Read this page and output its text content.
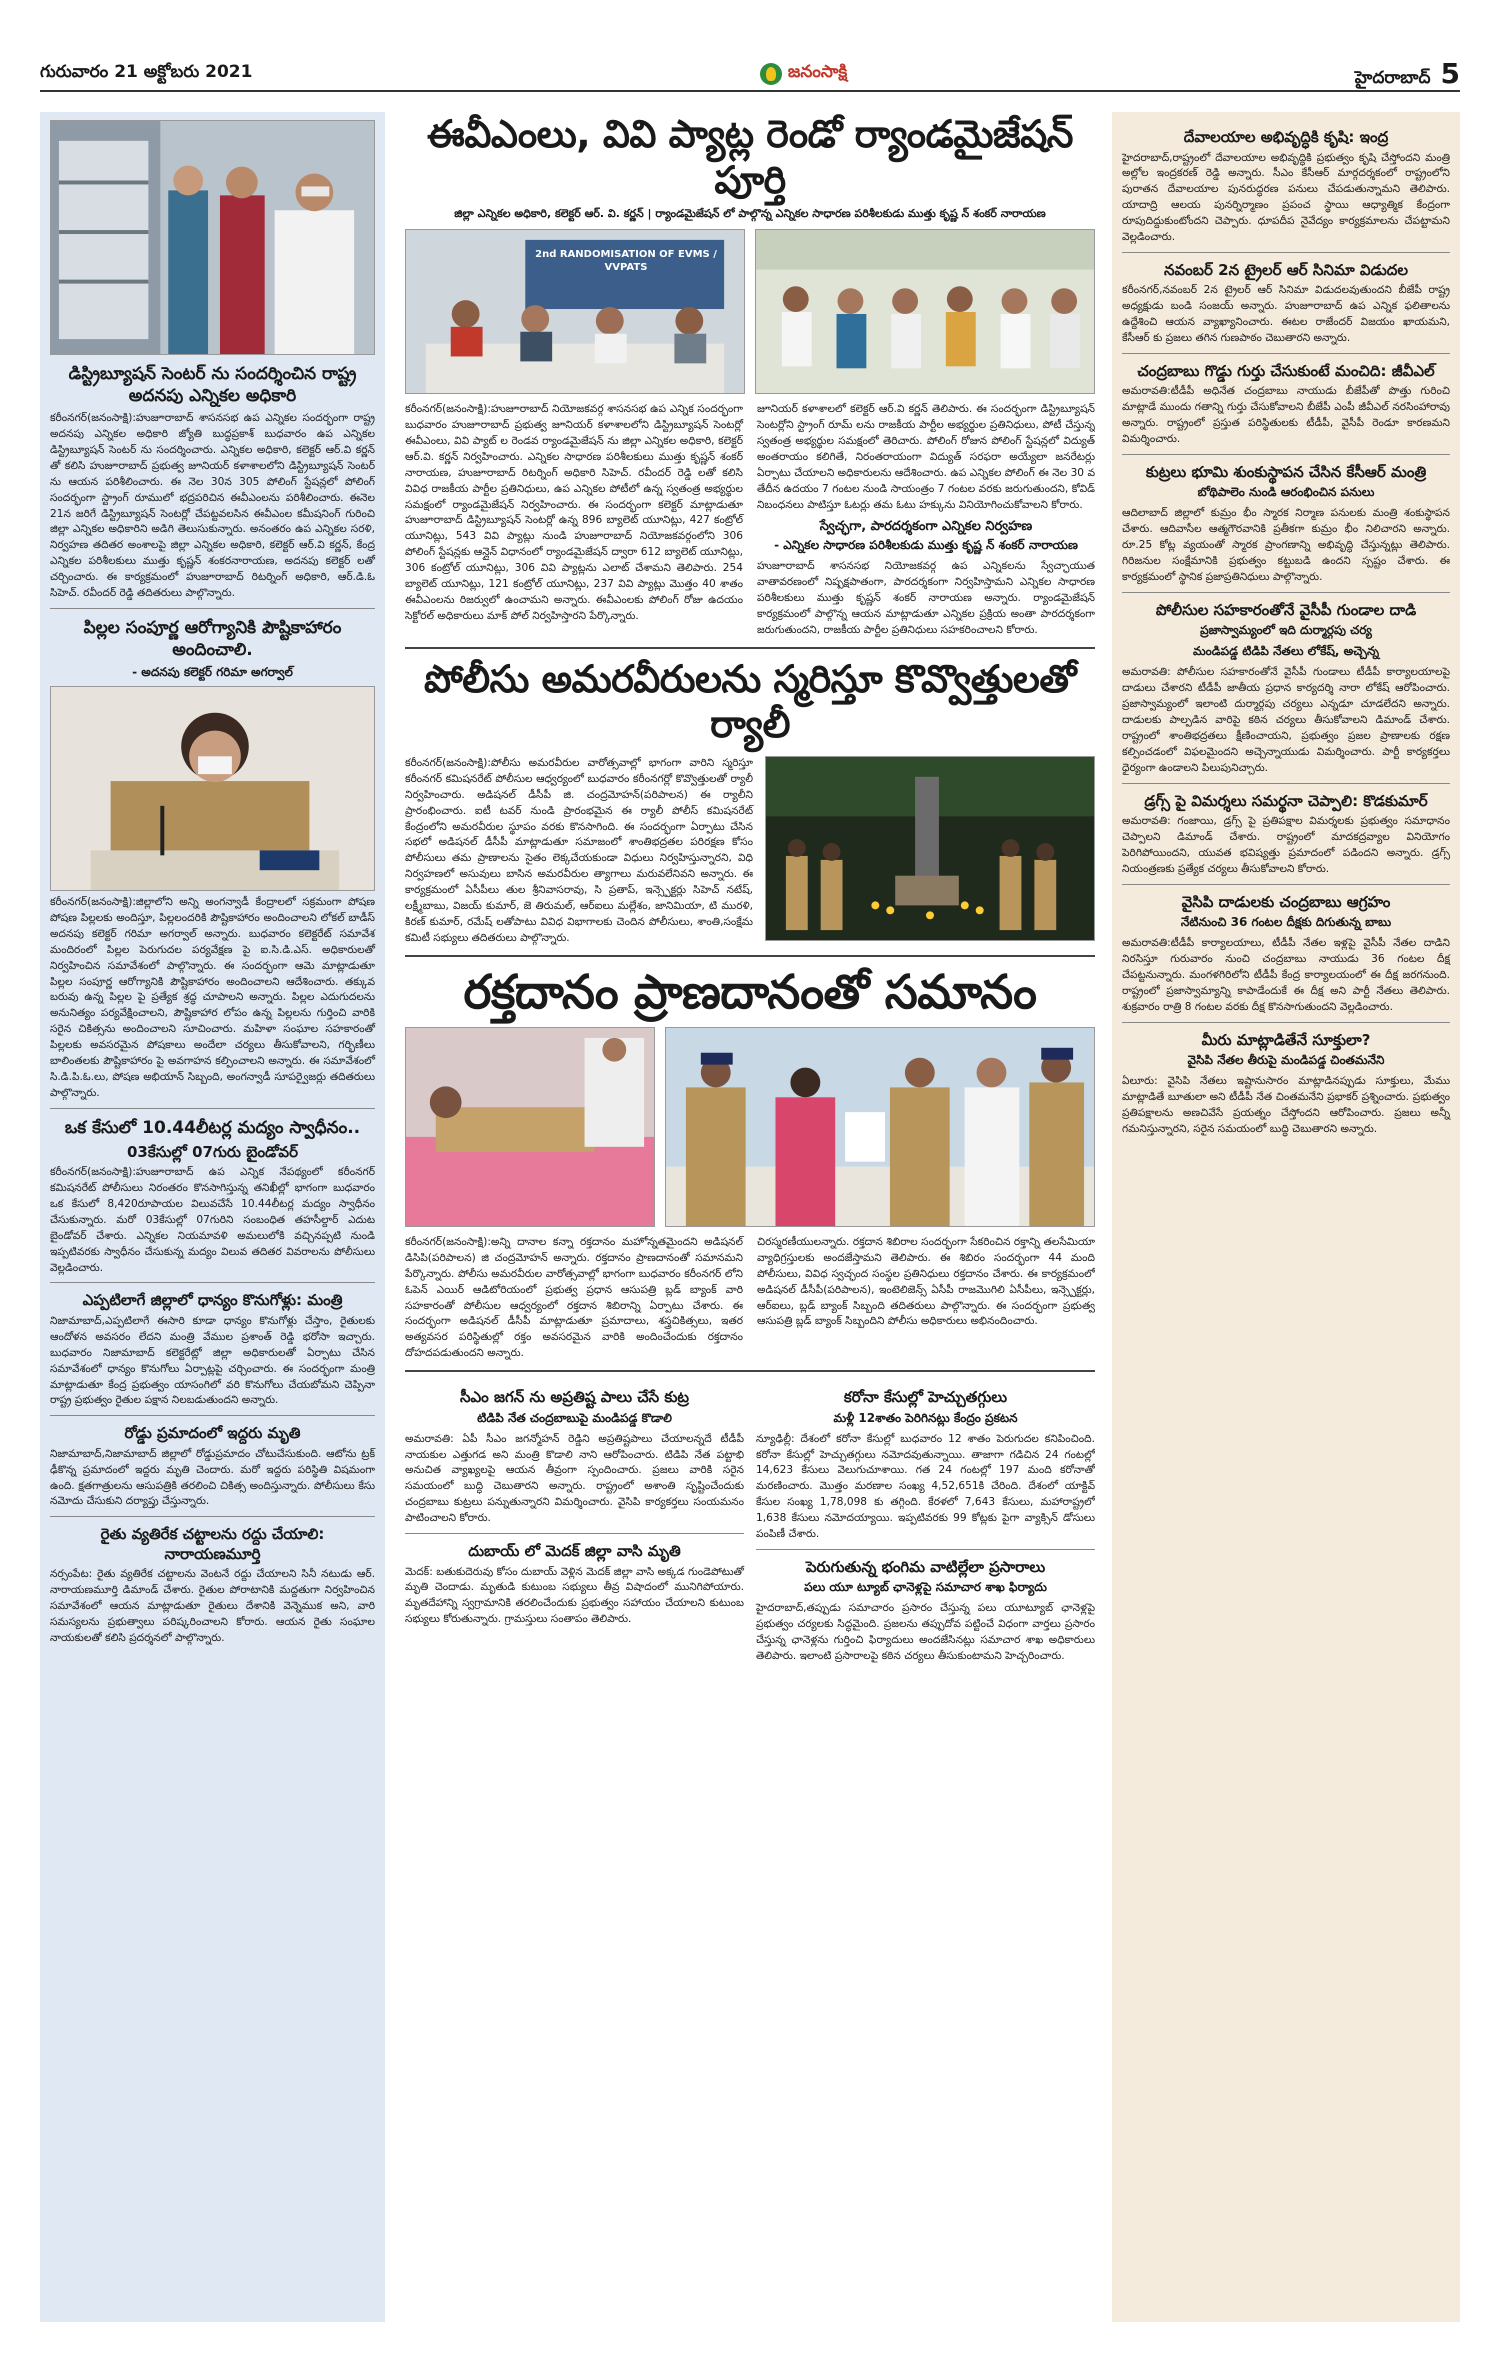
గురువారం 21 అక్టోబరు 2021	జనంసాక్షి	హైదరాబాద్ 5
డిస్ట్రిబ్యూషన్ సెంటర్ ను సందర్శించిన రాష్ట్ర అదనపు ఎన్నికల అధికారి
కరీంనగర్(జనంసాక్షి):హుజూరాబాద్ శాసనసభ ఉప ఎన్నికల సందర్భంగా రాష్ట్ర అదనపు ఎన్నికల అధికారి జ్యోతి బుద్ధప్రకాశ్ బుధవారం ఉప ఎన్నికల డిస్ట్రిబ్యూషన్ సెంటర్ ను సందర్శించారు. ఎన్నికల అధికారి, కలెక్టర్ ఆర్.వి కర్ణన్ తో కలిసి హుజూరాబాద్ ప్రభుత్వ జూనియర్ కళాశాలలోని డిస్ట్రిబ్యూషన్ సెంటర్ ను ఆయన పరిశీలించారు. ఈ నెల 30న 305 పోలింగ్ స్టేషన్లలో పోలింగ్ సందర్భంగా స్ట్రాంగ్ రూములో భద్రపరిచిన ఈవీఎంలను పరిశీలించారు. ఈనెల 21న జరిగే డిస్ట్రిబ్యూషన్ సెంటర్లో చేపట్టవలసిన ఈవీఎంల కమీషనింగ్ గురించి జిల్లా ఎన్నికల అధికారిని అడిగి తెలుసుకున్నారు. అనంతరం ఉప ఎన్నికల సరళి, నిర్వహణ తదితర అంశాలపై జిల్లా ఎన్నికల అధికారి, కలెక్టర్ ఆర్.వి కర్ణన్, కేంద్ర ఎన్నికల పరిశీలకులు ముత్తు కృష్ణన్ శంకరనారాయణ, అదనపు కలెక్టర్ లతో చర్చించారు. ఈ కార్యక్రమంలో హుజూరాబాద్ రిటర్నింగ్ అధికారి, ఆర్.డి.ఓ సిహెచ్. రవీందర్ రెడ్డి తదితరులు పాల్గొన్నారు.
పిల్లల సంపూర్ణ ఆరోగ్యానికి పౌష్టికాహారం అందించాలి.
- అదనపు కలెక్టర్ గరిమా అగర్వాల్
కరీంనగర్(జనంసాక్షి):జిల్లాలోని అన్ని అంగన్వాడీ కేంద్రాలలో సక్రమంగా పోషణ పోషణ పిల్లలకు అందిస్తూ, పిల్లలందరికి పౌష్టికాహారం అందించాలని లోకల్ బాడీస్ అదనపు కలెక్టర్ గరిమా అగర్వాల్ అన్నారు. బుధవారం కలెక్టరేట్ సమావేశ మందిరంలో పిల్లల పెరుగుదల పర్యవేక్షణ పై ఐ.సి.డి.ఎస్. అధికారులతో నిర్వహించిన సమావేశంలో పాల్గొన్నారు. ఈ సందర్భంగా ఆమె మాట్లాడుతూ పిల్లల సంపూర్ణ ఆరోగ్యానికి పౌష్టికాహారం అందించాలని ఆదేశించారు. తక్కువ బరువు ఉన్న పిల్లల పై ప్రత్యేక శ్రద్ధ చూపాలని అన్నారు. పిల్లల ఎదుగుదలను అనునిత్యం పర్యవేక్షించాలని, పౌష్టికాహార లోపం ఉన్న పిల్లలను గుర్తించి వారికి సరైన చికిత్సను అందించాలని సూచించారు. మహిళా సంఘాల సహకారంతో పిల్లలకు అవసరమైన పోషకాలు అందేలా చర్యలు తీసుకోవాలని, గర్భిణీలు బాలింతలకు పౌష్టికాహారం పై అవగాహన కల్పించాలని అన్నారు. ఈ సమావేశంలో సి.డి.పి.ఓ.లు, పోషణ అభియాన్ సిబ్బంది, అంగన్వాడీ సూపర్వైజర్లు తదితరులు పాల్గొన్నారు.
ఒక కేసులో 10.44లీటర్ల మద్యం స్వాధీనం..
03కేసుల్లో 07గురు బైండోవర్
కరీంనగర్(జనంసాక్షి):హుజూరాబాద్ ఉప ఎన్నిక నేపథ్యంలో కరీంనగర్ కమిషనరేట్ పోలీసులు నిరంతరం కొనసాగిస్తున్న తనిఖీల్లో భాగంగా బుధవారం ఒక కేసులో 8,420రూపాయల విలువచేసే 10.44లీటర్ల మద్యం స్వాధీనం చేసుకున్నారు. మరో 03కేసుల్లో 07గురిని సంబంధిత తహసీల్దార్ ఎదుట బైండోవర్ చేశారు. ఎన్నికల నియమావళి అమలులోకి వచ్చినప్పటి నుండి ఇప్పటివరకు స్వాధీనం చేసుకున్న మద్యం విలువ తదితర వివరాలను పోలీసులు వెల్లడించారు.
ఎప్పటిలాగే జిల్లాలో ధాన్యం కొనుగోళ్లు: మంత్రి
నిజామాబాద్,ఎప్పటిలాగే ఈసారి కూడా ధాన్యం కొనుగోళ్లు చేస్తాం, రైతులకు ఆందోళన అవసరం లేదని మంత్రి వేముల ప్రశాంత్ రెడ్డి భరోసా ఇచ్చారు. బుధవారం నిజామాబాద్ కలెక్టరేట్లో జిల్లా అధికారులతో ఏర్పాటు చేసిన సమావేశంలో ధాన్యం కొనుగోలు ఏర్పాట్లపై చర్చించారు. ఈ సందర్భంగా మంత్రి మాట్లాడుతూ కేంద్ర ప్రభుత్వం యాసంగిలో వరి కొనుగోలు చేయబోమని చెప్పినా రాష్ట్ర ప్రభుత్వం రైతుల పక్షాన నిలబడుతుందని అన్నారు.
రోడ్డు ప్రమాదంలో ఇద్దరు మృతి
నిజామాబాద్,నిజామాబాద్ జిల్లాలో రోడ్డుప్రమాదం చోటుచేసుకుంది. ఆటోను ట్రక్ ఢీకొన్న ప్రమాదంలో ఇద్దరు మృతి చెందారు. మరో ఇద్దరు పరిస్థితి విషమంగా ఉంది. క్షతగాత్రులను ఆసుపత్రికి తరలించి చికిత్స అందిస్తున్నారు. పోలీసులు కేసు నమోదు చేసుకుని దర్యాప్తు చేస్తున్నారు.
రైతు వ్యతిరేక చట్టాలను రద్దు చేయాలి: నారాయణమూర్తి
నర్సంపేట: రైతు వ్యతిరేక చట్టాలను వెంటనే రద్దు చేయాలని సినీ నటుడు ఆర్. నారాయణమూర్తి డిమాండ్ చేశారు. రైతుల పోరాటానికి మద్దతుగా నిర్వహించిన సమావేశంలో ఆయన మాట్లాడుతూ రైతులు దేశానికి వెన్నెముక అని, వారి సమస్యలను ప్రభుత్వాలు పరిష్కరించాలని కోరారు. ఆయన రైతు సంఘాల నాయకులతో కలిసి ప్రదర్శనలో పాల్గొన్నారు.
ఈవీఎంలు, వివి ప్యాట్ల రెండో ర్యాండమైజేషన్ పూర్తి
జిల్లా ఎన్నికల అధికారి, కలెక్టర్ ఆర్. వి. కర్ణన్ | ర్యాండమైజేషన్ లో పాల్గొన్న ఎన్నికల సాధారణ పరిశీలకుడు ముత్తు కృష్ణ న్ శంకర్ నారాయణ
2nd RANDOMISATION OF EVMS / VVPATS
కరీంనగర్(జనంసాక్షి):హుజూరాబాద్ నియోజకవర్గ శాసనసభ ఉప ఎన్నిక సందర్భంగా బుధవారం హుజూరాబాద్ ప్రభుత్వ జూనియర్ కళాశాలలోని డిస్ట్రిబ్యూషన్ సెంటర్లో ఈవీఎంలు, వివి ప్యాట్ ల రెండవ ర్యాండమైజేషన్ ను జిల్లా ఎన్నికల అధికారి, కలెక్టర్ ఆర్.వి. కర్ణన్ నిర్వహించారు. ఎన్నికల సాధారణ పరిశీలకులు ముత్తు కృష్ణన్ శంకర్ నారాయణ, హుజూరాబాద్ రిటర్నింగ్ అధికారి సిహెచ్. రవీందర్ రెడ్డి లతో కలిసి వివిధ రాజకీయ పార్టీల ప్రతినిధులు, ఉప ఎన్నికల పోటీలో ఉన్న స్వతంత్ర అభ్యర్థుల సమక్షంలో ర్యాండమైజేషన్ నిర్వహించారు. ఈ సందర్భంగా కలెక్టర్ మాట్లాడుతూ హుజూరాబాద్ డిస్ట్రిబ్యూషన్ సెంటర్లో ఉన్న 896 బ్యాలెట్ యూనిట్లు, 427 కంట్రోల్ యూనిట్లు, 543 వివి ప్యాట్లు నుండి హుజూరాబాద్ నియోజకవర్గంలోని 306 పోలింగ్ స్టేషన్లకు ఆన్లైన్ విధానంలో ర్యాండమైజేషన్ ద్వారా 612 బ్యాలెట్ యూనిట్లు, 306 కంట్రోల్ యూనిట్లు, 306 వివి ప్యాట్లను ఎలాట్ చేశామని తెలిపారు. 254 బ్యాలెట్ యూనిట్లు, 121 కంట్రోల్ యూనిట్లు, 237 వివి ప్యాట్లు మొత్తం 40 శాతం ఈవీఎంలను రిజర్వులో ఉంచామని అన్నారు. ఈవీఎంలకు పోలింగ్ రోజు ఉదయం సెక్టోరల్ అధికారులు మాక్ పోల్ నిర్వహిస్తారని పేర్కొన్నారు.
జూనియర్ కళాశాలలో కలెక్టర్ ఆర్.వి కర్ణన్ తెలిపారు. ఈ సందర్భంగా డిస్ట్రిబ్యూషన్ సెంటర్లోని స్ట్రాంగ్ రూమ్ లను రాజకీయ పార్టీల అభ్యర్థుల ప్రతినిధులు, పోటీ చేస్తున్న స్వతంత్ర అభ్యర్థుల సమక్షంలో తెరిచారు. పోలింగ్ రోజున పోలింగ్ స్టేషన్లలో విద్యుత్ అంతరాయం కలిగితే, నిరంతరాయంగా విద్యుత్ సరఫరా అయ్యేలా జనరేటర్లు ఏర్పాటు చేయాలని అధికారులను ఆదేశించారు. ఉప ఎన్నికల పోలింగ్ ఈ నెల 30 వ తేదీన ఉదయం 7 గంటల నుండి సాయంత్రం 7 గంటల వరకు జరుగుతుందని, కోవిడ్ నిబంధనలు పాటిస్తూ ఓటర్లు తమ ఓటు హక్కును వినియోగించుకోవాలని కోరారు.
స్వేచ్ఛగా, పారదర్శకంగా ఎన్నికల నిర్వహణ
- ఎన్నికల సాధారణ పరిశీలకుడు ముత్తు కృష్ణ న్ శంకర్ నారాయణ
హుజూరాబాద్ శాసనసభ నియోజకవర్గ ఉప ఎన్నికలను స్వేచ్ఛాయుత వాతావరణంలో నిష్పక్షపాతంగా, పారదర్శకంగా నిర్వహిస్తామని ఎన్నికల సాధారణ పరిశీలకులు ముత్తు కృష్ణన్ శంకర్ నారాయణ అన్నారు. ర్యాండమైజేషన్ కార్యక్రమంలో పాల్గొన్న ఆయన మాట్లాడుతూ ఎన్నికల ప్రక్రియ అంతా పారదర్శకంగా జరుగుతుందని, రాజకీయ పార్టీల ప్రతినిధులు సహకరించాలని కోరారు.
పోలీసు అమరవీరులను స్మరిస్తూ కొవ్వొత్తులతో ర్యాలీ
కరీంనగర్(జనంసాక్షి):పోలీసు అమరవీరుల వారోత్సవాల్లో భాగంగా వారిని స్మరిస్తూ కరీంనగర్ కమిషనరేట్ పోలీసుల ఆధ్వర్యంలో బుధవారం కరీంనగర్లో కొవ్వొత్తులతో ర్యాలీ నిర్వహించారు. అడిషనల్ డీసీపీ జి. చంద్రమోహన్(పరిపాలన) ఈ ర్యాలీని ప్రారంభించారు. ఐటీ టవర్ నుండి ప్రారంభమైన ఈ ర్యాలీ పోలీస్ కమిషనరేట్ కేంద్రంలోని అమరవీరుల స్థూపం వరకు కొనసాగింది. ఈ సందర్భంగా ఏర్పాటు చేసిన సభలో అడిషనల్ డీసీపీ మాట్లాడుతూ సమాజంలో శాంతిభద్రతల పరిరక్షణ కోసం పోలీసులు తమ ప్రాణాలను సైతం లెక్కచేయకుండా విధులు నిర్వహిస్తున్నారని, విధి నిర్వహణలో అసువులు బాసిన అమరవీరుల త్యాగాలు మరువలేనివని అన్నారు. ఈ కార్యక్రమంలో ఏసీపీలు తుల శ్రీనివాసరావు, సి ప్రతాప్, ఇన్స్పెక్టర్లు సిహెచ్ నటేష్, లక్ష్మీబాబు, విజయ్ కుమార్, జె తిరుమల్, ఆర్ఐలు మల్లేశం, జానిమియా, టి మురళి, కిరణ్ కుమార్, రమేష్ లతోపాటు వివిధ విభాగాలకు చెందిన పోలీసులు, శాంతి,సంక్షేమ కమిటీ సభ్యులు తదితరులు పాల్గొన్నారు.
రక్తదానం ప్రాణదానంతో సమానం
కరీంనగర్(జనంసాక్షి):అన్ని దానాల కన్నా రక్తదానం మహోన్నతమైందని అడిషనల్ డిసిపి(పరిపాలన) జి చంద్రమోహన్ అన్నారు. రక్తదానం ప్రాణదానంతో సమానమని పేర్కొన్నారు. పోలీసు అమరవీరుల వారోత్సవాల్లో భాగంగా బుధవారం కరీంనగర్ లోని ఓపెన్ ఎయిర్ ఆడిటోరియంలో ప్రభుత్వ ప్రధాన ఆసుపత్రి బ్లడ్ బ్యాంక్ వారి సహకారంతో పోలీసుల ఆధ్వర్యంలో రక్తదాన శిబిరాన్ని ఏర్పాటు చేశారు. ఈ సందర్భంగా అడిషనల్ డీసీపీ మాట్లాడుతూ ప్రమాదాలు, శస్త్రచికిత్సలు, ఇతర అత్యవసర పరిస్థితుల్లో రక్తం అవసరమైన వారికి అందించేందుకు రక్తదానం దోహదపడుతుందని అన్నారు.
చిరస్మరణీయులన్నారు. రక్తదాన శిబిరాల సందర్భంగా సేకరించిన రక్తాన్ని తలసేమియా వ్యాధిగ్రస్తులకు అందజేస్తామని తెలిపారు. ఈ శిబిరం సందర్భంగా 44 మంది పోలీసులు, వివిధ స్వచ్ఛంద సంస్థల ప్రతినిధులు రక్తదానం చేశారు. ఈ కార్యక్రమంలో అడిషనల్ డీసీపీ(పరిపాలన), ఇంటెలిజెన్స్ ఏసీపీ రాజమొగిలి ఏసీపీలు, ఇన్స్పెక్టర్లు, ఆర్ఐలు, బ్లడ్ బ్యాంక్ సిబ్బంది తదితరులు పాల్గొన్నారు. ఈ సందర్భంగా ప్రభుత్వ ఆసుపత్రి బ్లడ్ బ్యాంక్ సిబ్బందిని పోలీసు అధికారులు అభినందించారు.
సీఎం జగన్ ను అప్రతిష్ట పాలు చేసే కుట్ర
టిడిపి నేత చంద్రబాబుపై మండిపడ్డ కొడాలి
అమరావతి: ఏపీ సీఎం జగన్మోహన్ రెడ్డిని అప్రతిష్టపాలు చేయాలన్నదే టీడీపీ నాయకుల ఎత్తుగడ అని మంత్రి కొడాలి నాని ఆరోపించారు. టిడిపి నేత పట్టాభి అనుచిత వ్యాఖ్యలపై ఆయన తీవ్రంగా స్పందించారు. ప్రజలు వారికి సరైన సమయంలో బుద్ధి చెబుతారని అన్నారు. రాష్ట్రంలో అశాంతి సృష్టించేందుకు చంద్రబాబు కుట్రలు పన్నుతున్నారని విమర్శించారు. వైసిపి కార్యకర్తలు సంయమనం పాటించాలని కోరారు.
దుబాయ్ లో మెదక్ జిల్లా వాసి మృతి
మెదక్: బతుకుదెరువు కోసం దుబాయ్ వెళ్లిన మెదక్ జిల్లా వాసి అక్కడ గుండెపోటుతో మృతి చెందాడు. మృతుడి కుటుంబ సభ్యులు తీవ్ర విషాదంలో మునిగిపోయారు. మృతదేహాన్ని స్వగ్రామానికి తరలించేందుకు ప్రభుత్వం సహాయం చేయాలని కుటుంబ సభ్యులు కోరుతున్నారు. గ్రామస్తులు సంతాపం తెలిపారు.
కరోనా కేసుల్లో హెచ్చుతగ్గులు
మళ్లీ 12శాతం పెరిగినట్లు కేంద్రం ప్రకటన
న్యూఢిల్లీ: దేశంలో కరోనా కేసుల్లో బుధవారం 12 శాతం పెరుగుదల కనిపించింది. కరోనా కేసుల్లో హెచ్చుతగ్గులు నమోదవుతున్నాయి. తాజాగా గడిచిన 24 గంటల్లో 14,623 కేసులు వెలుగుచూశాయి. గత 24 గంటల్లో 197 మంది కరోనాతో మరణించారు. మొత్తం మరణాల సంఖ్య 4,52,651కి చేరింది. దేశంలో యాక్టివ్ కేసుల సంఖ్య 1,78,098 కు తగ్గింది. కేరళలో 7,643 కేసులు, మహారాష్ట్రలో 1,638 కేసులు నమోదయ్యాయి. ఇప్పటివరకు 99 కోట్లకు పైగా వ్యాక్సిన్ డోసులు పంపిణీ చేశారు.
పెరుగుతున్న భంగిమ వాటిల్లేలా ప్రసారాలు
పలు యూ ట్యూబ్ ఛానెళ్లపై సమాచార శాఖ ఫిర్యాదు
హైదరాబాద్,తప్పుడు సమాచారం ప్రసారం చేస్తున్న పలు యూట్యూబ్ ఛానెళ్లపై ప్రభుత్వం చర్యలకు సిద్ధమైంది. ప్రజలను తప్పుదోవ పట్టించే విధంగా వార్తలు ప్రసారం చేస్తున్న ఛానెళ్లను గుర్తించి ఫిర్యాదులు అందజేసినట్లు సమాచార శాఖ అధికారులు తెలిపారు. ఇలాంటి ప్రసారాలపై కఠిన చర్యలు తీసుకుంటామని హెచ్చరించారు.
దేవాలయాల అభివృద్ధికి కృషి: ఇంద్ర
హైదరాబాద్,రాష్ట్రంలో దేవాలయాల అభివృద్ధికి ప్రభుత్వం కృషి చేస్తోందని మంత్రి అల్లోల ఇంద్రకరణ్ రెడ్డి అన్నారు. సీఎం కేసీఆర్ మార్గదర్శకంలో రాష్ట్రంలోని పురాతన దేవాలయాల పునరుద్ధరణ పనులు చేపడుతున్నామని తెలిపారు. యాదాద్రి ఆలయ పునర్నిర్మాణం ప్రపంచ స్థాయి ఆధ్యాత్మిక కేంద్రంగా రూపుదిద్దుకుంటోందని చెప్పారు. ధూపదీప నైవేద్యం కార్యక్రమాలను చేపట్టామని వెల్లడించారు.
నవంబర్ 2న ట్రైలర్ ఆర్ సినిమా విడుదల
కరీంనగర్,నవంబర్ 2న ట్రైలర్ ఆర్ సినిమా విడుదలవుతుందని బీజేపీ రాష్ట్ర అధ్యక్షుడు బండి సంజయ్ అన్నారు. హుజూరాబాద్ ఉప ఎన్నిక ఫలితాలను ఉద్దేశించి ఆయన వ్యాఖ్యానించారు. ఈటల రాజేందర్ విజయం ఖాయమని, కేసీఆర్ కు ప్రజలు తగిన గుణపాఠం చెబుతారని అన్నారు.
చంద్రబాబు గొడ్డు గుర్తు చేసుకుంటే మంచిది: జీవీఎల్
అమరావతి:టీడీపీ అధినేత చంద్రబాబు నాయుడు బీజేపీతో పొత్తు గురించి మాట్లాడే ముందు గతాన్ని గుర్తు చేసుకోవాలని బీజేపీ ఎంపీ జీవీఎల్ నరసింహారావు అన్నారు. రాష్ట్రంలో ప్రస్తుత పరిస్థితులకు టీడీపీ, వైసీపీ రెండూ కారణమని విమర్శించారు.
కుట్రలు భూమి శుంకుస్థాపన చేసిన కేసీఆర్ మంత్రి
బోథిపాలెం నుండి ఆరంభించిన పనులు
ఆదిలాబాద్ జిల్లాలో కుమ్రం భీం స్మారక నిర్మాణ పనులకు మంత్రి శంకుస్థాపన చేశారు. ఆదివాసీల ఆత్మగౌరవానికి ప్రతీకగా కుమ్రం భీం నిలిచారని అన్నారు. రూ.25 కోట్ల వ్యయంతో స్మారక ప్రాంగణాన్ని అభివృద్ధి చేస్తున్నట్లు తెలిపారు. గిరిజనుల సంక్షేమానికి ప్రభుత్వం కట్టుబడి ఉందని స్పష్టం చేశారు. ఈ కార్యక్రమంలో స్థానిక ప్రజాప్రతినిధులు పాల్గొన్నారు.
పోలీసుల సహకారంతోనే వైసీపీ గుండాల దాడి
ప్రజాస్వామ్యంలో ఇది దుర్మార్గపు చర్య
మండిపడ్డ టిడిపి నేతలు లోకేష్, అచ్చెన్న
అమరావతి: పోలీసుల సహకారంతోనే వైసీపీ గుండాలు టీడీపీ కార్యాలయాలపై దాడులు చేశారని టీడీపీ జాతీయ ప్రధాన కార్యదర్శి నారా లోకేష్ ఆరోపించారు. ప్రజాస్వామ్యంలో ఇలాంటి దుర్మార్గపు చర్యలు ఎన్నడూ చూడలేదని అన్నారు. దాడులకు పాల్పడిన వారిపై కఠిన చర్యలు తీసుకోవాలని డిమాండ్ చేశారు. రాష్ట్రంలో శాంతిభద్రతలు క్షీణించాయని, ప్రభుత్వం ప్రజల ప్రాణాలకు రక్షణ కల్పించడంలో విఫలమైందని అచ్చెన్నాయుడు విమర్శించారు. పార్టీ కార్యకర్తలు ధైర్యంగా ఉండాలని పిలుపునిచ్చారు.
డ్రగ్స్ పై విమర్శలు సమర్థనా చెప్పాలి: కొడకుమార్
అమరావతి: గంజాయి, డ్రగ్స్ పై ప్రతిపక్షాల విమర్శలకు ప్రభుత్వం సమాధానం చెప్పాలని డిమాండ్ చేశారు. రాష్ట్రంలో మాదకద్రవ్యాల వినియోగం పెరిగిపోయిందని, యువత భవిష్యత్తు ప్రమాదంలో పడిందని అన్నారు. డ్రగ్స్ నియంత్రణకు ప్రత్యేక చర్యలు తీసుకోవాలని కోరారు.
వైసిపి దాడులకు చంద్రబాబు ఆగ్రహం
నేటినుంచి 36 గంటల దీక్షకు దిగుతున్న బాబు
అమరావతి:టీడీపీ కార్యాలయాలు, టీడీపీ నేతల ఇళ్లపై వైసీపీ నేతల దాడిని నిరసిస్తూ గురువారం నుంచి చంద్రబాబు నాయుడు 36 గంటల దీక్ష చేపట్టనున్నారు. మంగళగిరిలోని టీడీపీ కేంద్ర కార్యాలయంలో ఈ దీక్ష జరగనుంది. రాష్ట్రంలో ప్రజాస్వామ్యాన్ని కాపాడేందుకే ఈ దీక్ష అని పార్టీ నేతలు తెలిపారు. శుక్రవారం రాత్రి 8 గంటల వరకు దీక్ష కొనసాగుతుందని వెల్లడించారు.
మీరు మాట్లాడితేనే సూక్తులా?
వైసిపి నేతల తీరుపై మండిపడ్డ చింతమనేని
ఏలూరు: వైసిపి నేతలు ఇష్టానుసారం మాట్లాడినప్పుడు సూక్తులు, మేము మాట్లాడితే బూతులా అని టీడీపీ నేత చింతమనేని ప్రభాకర్ ప్రశ్నించారు. ప్రభుత్వం ప్రతిపక్షాలను అణచివేసే ప్రయత్నం చేస్తోందని ఆరోపించారు. ప్రజలు అన్నీ గమనిస్తున్నారని, సరైన సమయంలో బుద్ధి చెబుతారని అన్నారు.
